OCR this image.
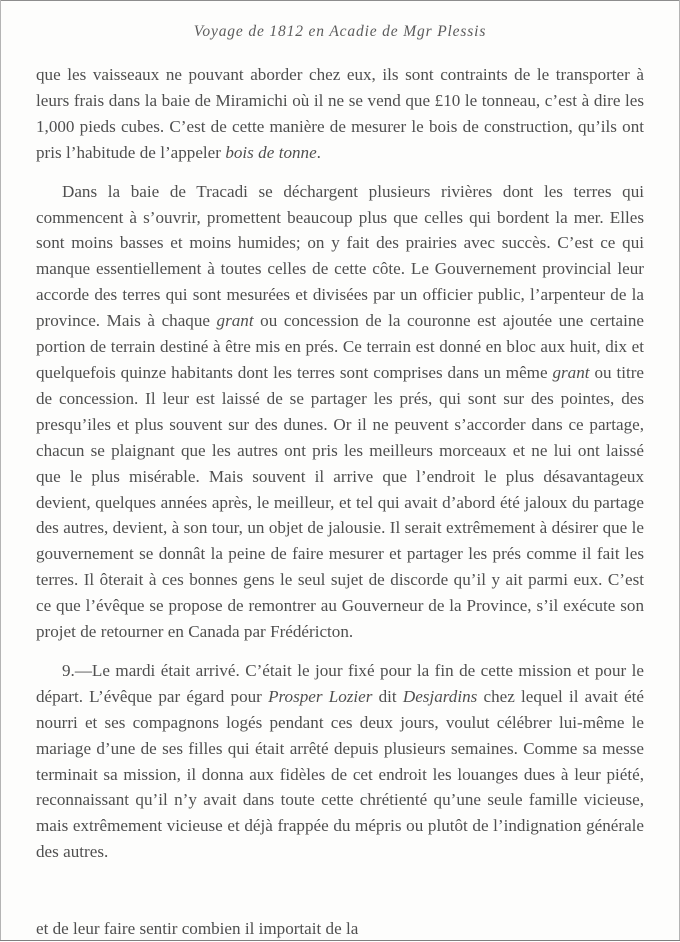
Voyage de 1812 en Acadie de Mgr Plessis

que les vaisseaux ne pouvant aborder chez eux, ils sont contraints de le transporter à leurs frais dans la baie de Miramichi où il ne se vend que £10 le tonneau, c’est à dire les 1,000 pieds cubes. C’est de cette manière de mesurer le bois de construction, qu’ils ont pris l’habitude de l’appeler bois de tonne.

Dans la baie de Tracadi se déchargent plusieurs rivières dont les terres qui commencent à s’ouvrir, promettent beaucoup plus que celles qui bordent la mer. Elles sont moins basses et moins humides; on y fait des prairies avec succès. C’est ce qui manque essentiellement à toutes celles de cette côte. Le Gouvernement provincial leur accorde des terres qui sont mesurées et divisées par un officier public, l’arpenteur de la province. Mais à chaque grant ou concession de la couronne est ajoutée une certaine portion de terrain destiné à être mis en prés. Ce terrain est donné en bloc aux huit, dix et quelquefois quinze habitants dont les terres sont comprises dans un même grant ou titre de concession. Il leur est laissé de se partager les prés, qui sont sur des pointes, des presqu’iles et plus souvent sur des dunes. Or il ne peuvent s’accorder dans ce partage, chacun se plaignant que les autres ont pris les meilleurs morceaux et ne lui ont laissé que le plus misérable. Mais souvent il arrive que l’endroit le plus désavantageux devient, quelques années après, le meilleur, et tel qui avait d’abord été jaloux du partage des autres, devient, à son tour, un objet de jalousie. Il serait extrêmement à désirer que le gouvernement se donnât la peine de faire mesurer et partager les prés comme il fait les terres. Il ôterait à ces bonnes gens le seul sujet de discorde qu’il y ait parmi eux. C’est ce que l’évêque se propose de remontrer au Gouverneur de la Province, s’il exécute son projet de retourner en Canada par Frédéricton.

9.—Le mardi était arrivé. C’était le jour fixé pour la fin de cette mission et pour le départ. L’évêque par égard pour Prosper Lozier dit Desjardins chez lequel il avait été nourri et ses compagnons logés pendant ces deux jours, voulut célébrer lui-même le mariage d’une de ses filles qui était arrêté depuis plusieurs semaines. Comme sa messe terminait sa mission, il donna aux fidèles de cet endroit les louanges dues à leur piété, reconnaissant qu’il n’y avait dans toute cette chrétienté qu’une seule famille vicieuse, mais extrêmement vicieuse et déjà frappée du mépris ou plutôt de l’indignation générale des autres.

et de leur faire sentir combien il importait de la
